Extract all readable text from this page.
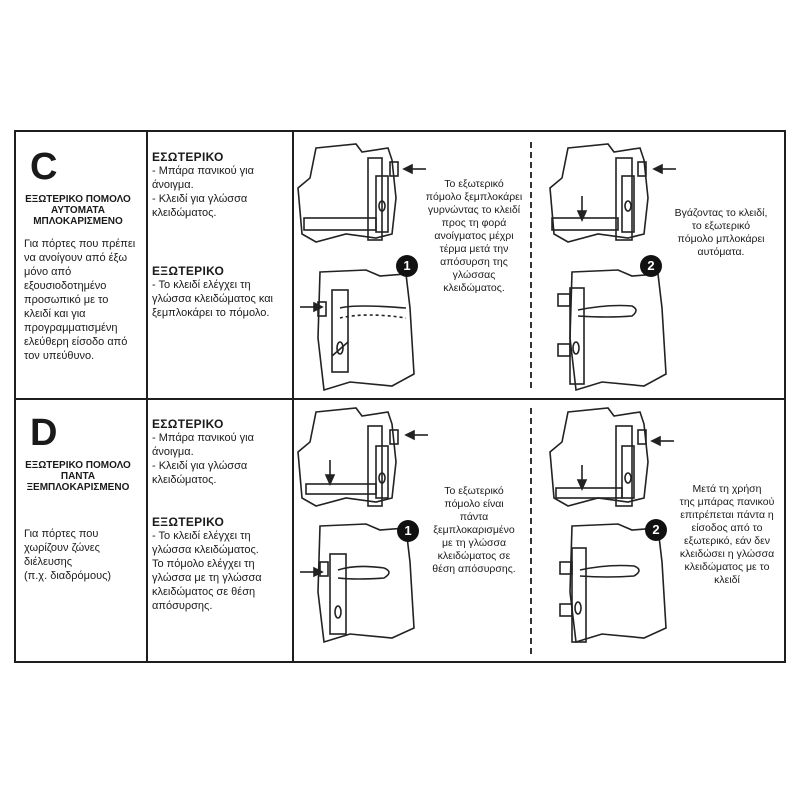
C
ΕΞΩΤΕΡΙΚΟ ΠΟΜΟΛΟ
ΑΥΤΟΜΑΤΑ
ΜΠΛΟΚΑΡΙΣΜΕΝΟ
Για πόρτες που πρέπει
να ανοίγουν από έξω
μόνο από
εξουσιοδοτημένο
προσωπικό με το
κλειδί και για
προγραμματισμένη
ελεύθερη είσοδο από
τον υπεύθυνο.
ΕΣΩΤΕΡΙΚΟ
- Μπάρα πανικού για
άνοιγμα.
- Κλειδί για γλώσσα
κλειδώματος.
ΕΞΩΤΕΡΙΚΟ
- Το κλειδί ελέγχει τη
γλώσσα κλειδώματος και
ξεμπλοκάρει το πόμολο.
1
Το εξωτερικό
πόμολο ξεμπλοκάρει
γυρνώντας το κλειδί
προς τη φορά
ανοίγματος μέχρι
τέρμα μετά την
απόσυρση της
γλώσσας
κλειδώματος.
2
Βγάζοντας το κλειδί,
το εξωτερικό
πόμολο μπλοκάρει
αυτόματα.
D
ΕΞΩΤΕΡΙΚΟ ΠΟΜΟΛΟ
ΠΑΝΤΑ
ΞΕΜΠΛΟΚΑΡΙΣΜΕΝΟ
Για πόρτες που
χωρίζουν ζώνες
διέλευσης
(π.χ. διαδρόμους)
ΕΣΩΤΕΡΙΚΟ
- Μπάρα πανικού για
άνοιγμα.
- Κλειδί για γλώσσα
κλειδώματος.
ΕΞΩΤΕΡΙΚΟ
- Το κλειδί ελέγχει τη
γλώσσα κλειδώματος.
Το πόμολο ελέγχει τη
γλώσσα με τη γλώσσα
κλειδώματος σε θέση
απόσυρσης.
1
Το εξωτερικό
πόμολο είναι
πάντα
ξεμπλοκαρισμένο
με τη γλώσσα
κλειδώματος σε
θέση απόσυρσης.
2
Μετά τη χρήση
της μπάρας πανικού
επιτρέπεται πάντα η
είσοδος από το
εξωτερικό, εάν δεν
κλειδώσει η γλώσσα
κλειδώματος με το
κλειδί
